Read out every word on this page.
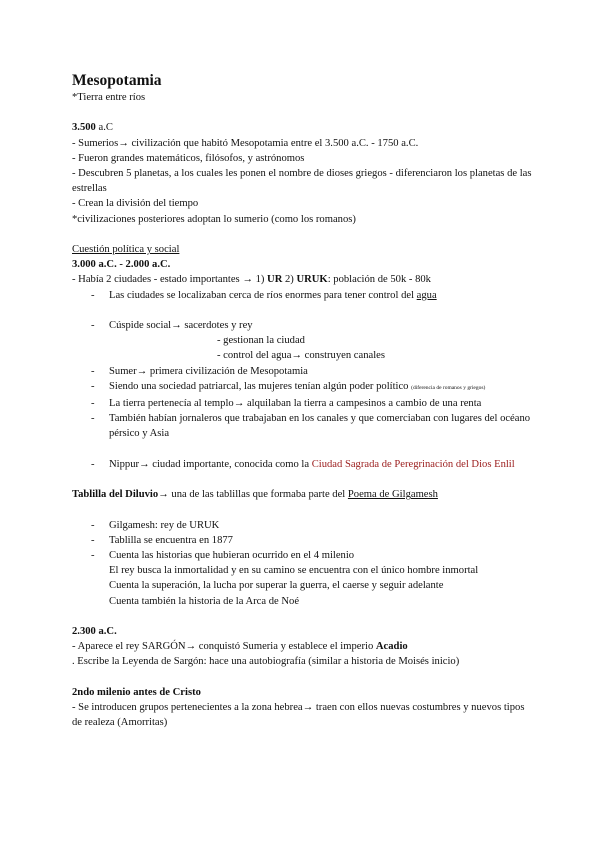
Mesopotamia

*Tierra entre ríos

3.500 a.C

- Sumerios→ civilización que habitó Mesopotamia entre el 3.500 a.C. - 1750 a.C.

- Fueron grandes matemáticos, filósofos, y astrónomos

- Descubren 5 planetas, a los cuales les ponen el nombre de dioses griegos - diferenciaron los planetas de las estrellas

- Crean la división del tiempo

*civilizaciones posteriores adoptan lo sumerio (como los romanos)

Cuestión política y social

3.000 a.C. - 2.000 a.C.

- Había 2 ciudades - estado importantes → 1) UR 2) URUK: población de 50k - 80k

- Las ciudades se localizaban cerca de ríos enormes para tener control del agua

- Cúspide social→ sacerdotes y rey

- gestionan la ciudad

- control del agua→ construyen canales

- Sumer→ primera civilización de Mesopotamia

- Siendo una sociedad patriarcal, las mujeres tenían algún poder político (diferencia de romanos y griegos)

- La tierra pertenecía al templo→ alquilaban la tierra a campesinos a cambio de una renta

- También habían jornaleros que trabajaban en los canales y que comerciaban con lugares del océano pérsico y Asia

- Nippur→ ciudad importante, conocida como la Ciudad Sagrada de Peregrinación del Dios Enlil

Tablilla del Diluvio→ una de las tablillas que formaba parte del Poema de Gilgamesh

- Gilgamesh: rey de URUK

- Tablilla se encuentra en 1877

- Cuenta las historias que hubieran ocurrido en el 4 milenio

El rey busca la inmortalidad y en su camino se encuentra con el único hombre inmortal

Cuenta la superación, la lucha por superar la guerra, el caerse y seguir adelante

Cuenta también la historia de la Arca de Noé

2.300 a.C.

- Aparece el rey SARGÓN→ conquistó Sumeria y establece el imperio Acadio

. Escribe la Leyenda de Sargón: hace una autobiografía (similar a historia de Moisés inicio)

2ndo milenio antes de Cristo

- Se introducen grupos pertenecientes a la zona hebrea→ traen con ellos nuevas costumbres y nuevos tipos de realeza (Amorritas)
